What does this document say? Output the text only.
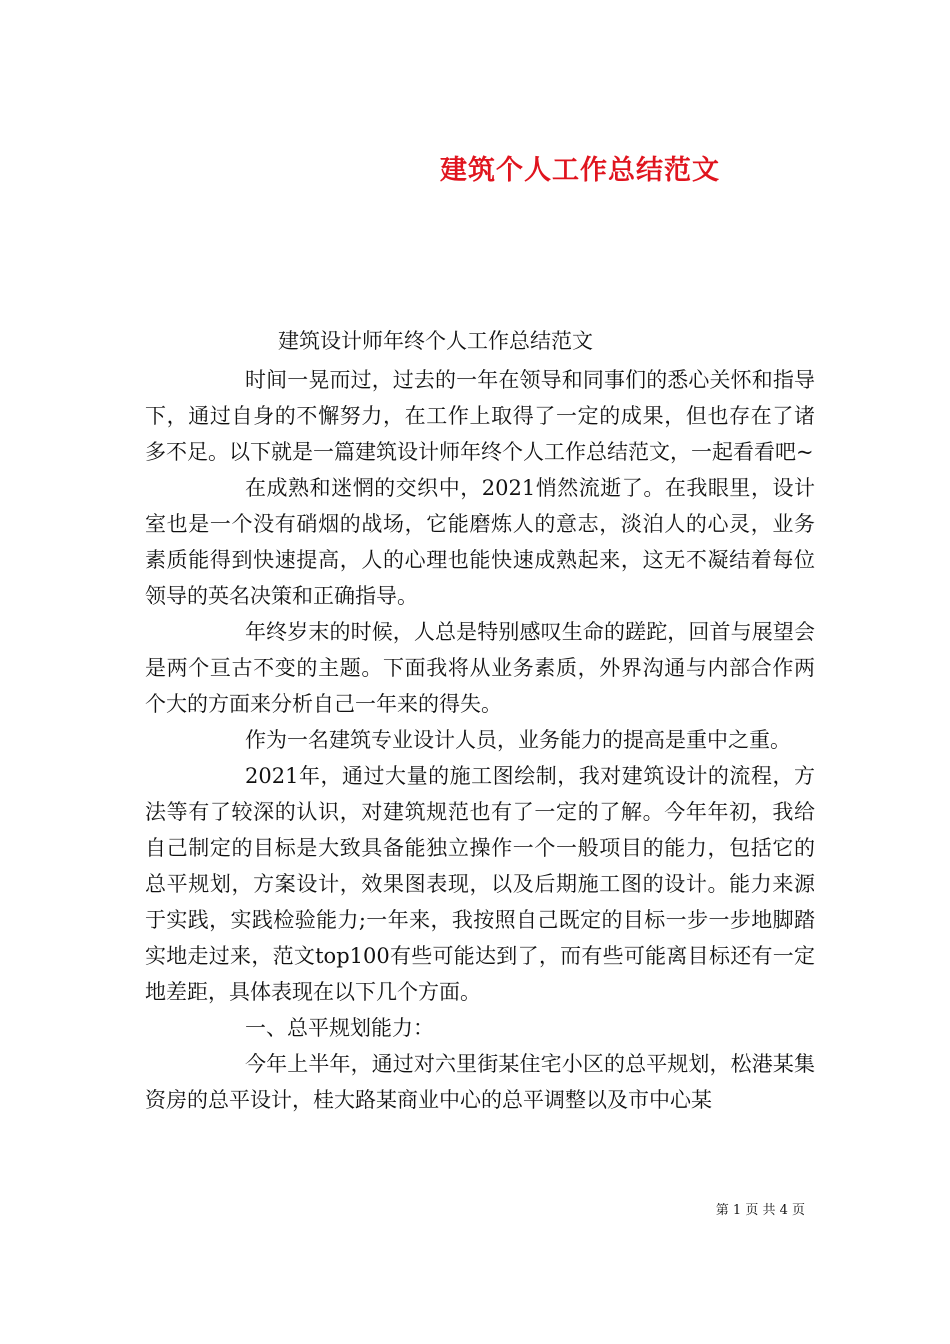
建筑个人工作总结范文
建筑设计师年终个人工作总结范文

时间一晃而过，过去的一年在领导和同事们的悉心关怀和指导下，通过自身的不懈努力，在工作上取得了一定的成果，但也存在了诸多不足。以下就是一篇建筑设计师年终个人工作总结范文，一起看看吧~

在成熟和迷惘的交织中，2021悄然流逝了。在我眼里，设计室也是一个没有硝烟的战场，它能磨炼人的意志，淡泊人的心灵，业务素质能得到快速提高，人的心理也能快速成熟起来，这无不凝结着每位领导的英名决策和正确指导。

年终岁末的时候，人总是特别感叹生命的蹉跎，回首与展望会是两个亘古不变的主题。下面我将从业务素质，外界沟通与内部合作两个大的方面来分析自己一年来的得失。

作为一名建筑专业设计人员，业务能力的提高是重中之重。

2021年，通过大量的施工图绘制，我对建筑设计的流程，方法等有了较深的认识，对建筑规范也有了一定的了解。今年年初，我给自己制定的目标是大致具备能独立操作一个一般项目的能力，包括它的总平规划，方案设计，效果图表现，以及后期施工图的设计。能力来源于实践，实践检验能力;一年来，我按照自己既定的目标一步一步地脚踏实地走过来，范文top100有些可能达到了，而有些可能离目标还有一定地差距，具体表现在以下几个方面。

一、总平规划能力：

今年上半年，通过对六里街某住宅小区的总平规划，松港某集资房的总平设计，桂大路某商业中心的总平调整以及市中心某

第 1 页 共 4 页
